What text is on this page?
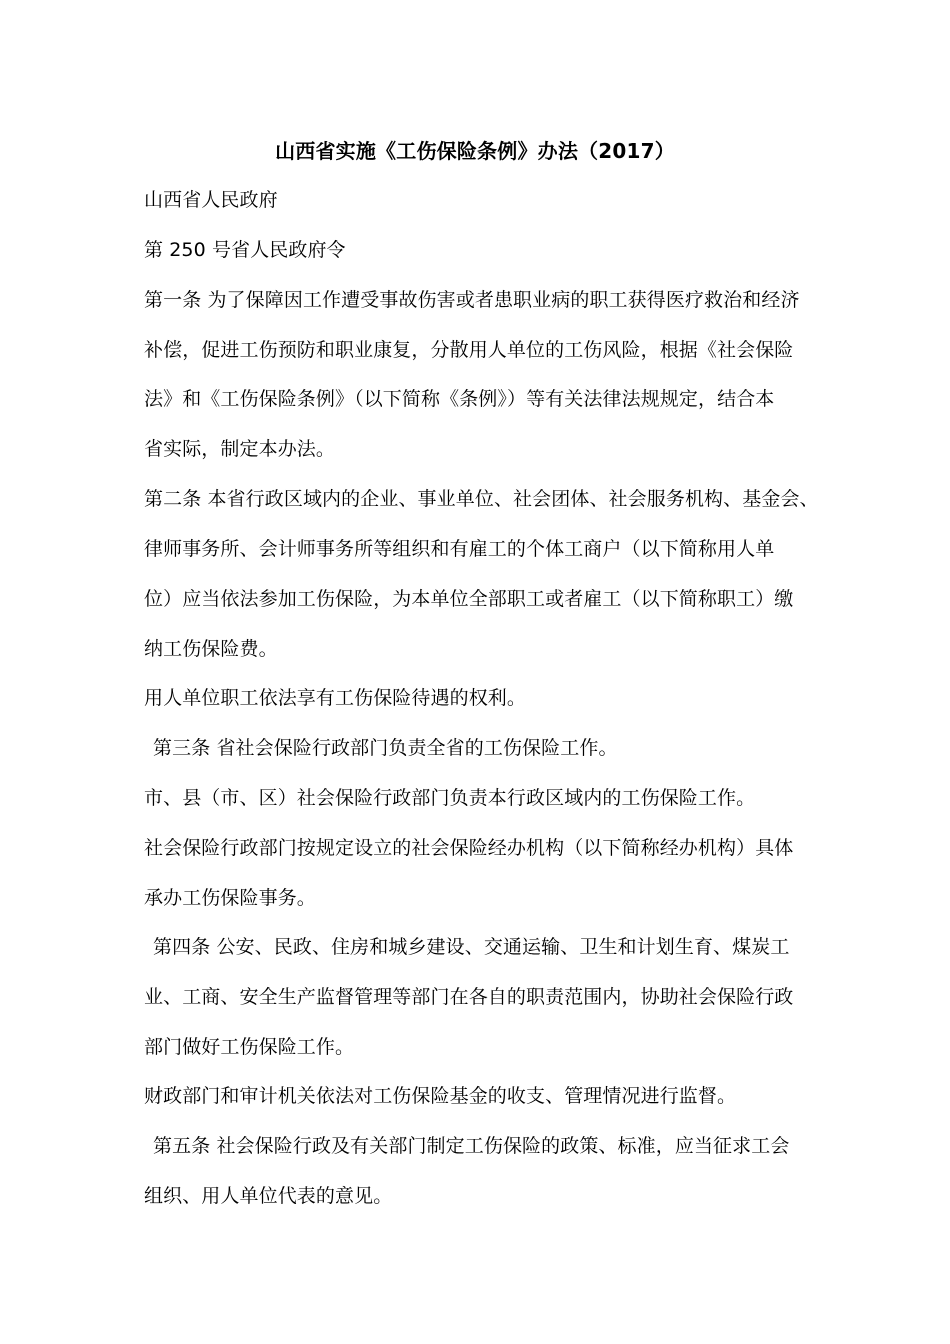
山西省实施《工伤保险条例》办法（2017）
山西省人民政府
第 250 号省人民政府令
第一条 为了保障因工作遭受事故伤害或者患职业病的职工获得医疗救治和经济
补偿，促进工伤预防和职业康复，分散用人单位的工伤风险，根据《社会保险
法》和《工伤保险条例》（以下简称《条例》）等有关法律法规规定，结合本
省实际，制定本办法。
第二条 本省行政区域内的企业、事业单位、社会团体、社会服务机构、基金会、
律师事务所、会计师事务所等组织和有雇工的个体工商户（以下简称用人单
位）应当依法参加工伤保险，为本单位全部职工或者雇工（以下简称职工）缴
纳工伤保险费。
用人单位职工依法享有工伤保险待遇的权利。
第三条 省社会保险行政部门负责全省的工伤保险工作。
市、县（市、区）社会保险行政部门负责本行政区域内的工伤保险工作。
社会保险行政部门按规定设立的社会保险经办机构（以下简称经办机构）具体
承办工伤保险事务。
第四条 公安、民政、住房和城乡建设、交通运输、卫生和计划生育、煤炭工
业、工商、安全生产监督管理等部门在各自的职责范围内，协助社会保险行政
部门做好工伤保险工作。
财政部门和审计机关依法对工伤保险基金的收支、管理情况进行监督。
第五条 社会保险行政及有关部门制定工伤保险的政策、标准，应当征求工会
组织、用人单位代表的意见。
